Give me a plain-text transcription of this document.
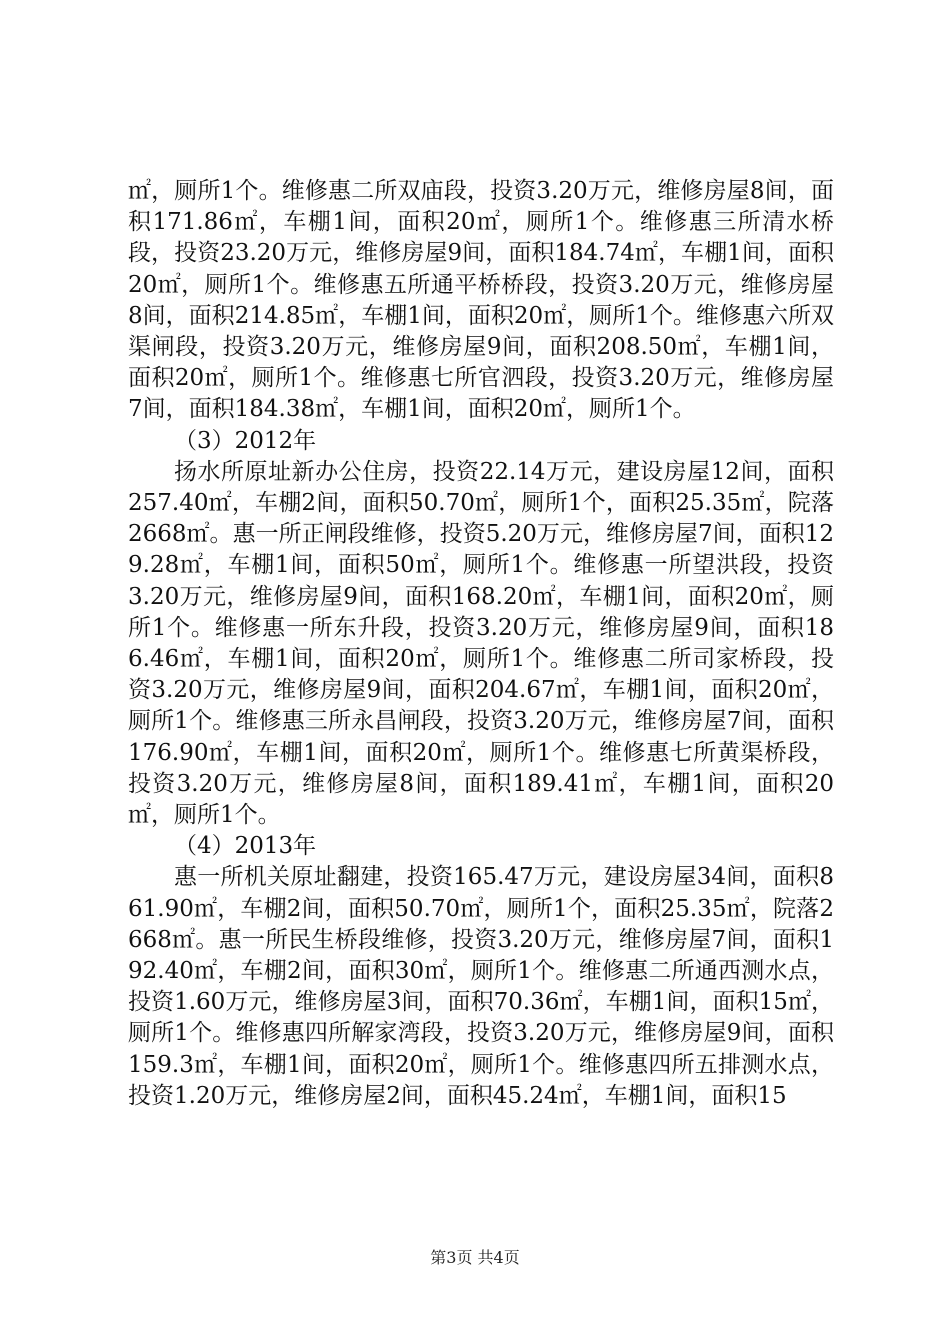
㎡，厕所1个。维修惠二所双庙段，投资3.20万元，维修房屋8间，面积171.86㎡，车棚1间，面积20㎡，厕所1个。维修惠三所清水桥段，投资23.20万元，维修房屋9间，面积184.74㎡，车棚1间，面积20㎡，厕所1个。维修惠五所通平桥桥段，投资3.20万元，维修房屋8间，面积214.85㎡，车棚1间，面积20㎡，厕所1个。维修惠六所双渠闸段，投资3.20万元，维修房屋9间，面积208.50㎡，车棚1间，面积20㎡，厕所1个。维修惠七所官泗段，投资3.20万元，维修房屋7间，面积184.38㎡，车棚1间，面积20㎡，厕所1个。

（3）2012年

扬水所原址新办公住房，投资22.14万元，建设房屋12间，面积257.40㎡，车棚2间，面积50.70㎡，厕所1个，面积25.35㎡，院落2668㎡。惠一所正闸段维修，投资5.20万元，维修房屋7间，面积129.28㎡，车棚1间，面积50㎡，厕所1个。维修惠一所望洪段，投资3.20万元，维修房屋9间，面积168.20㎡，车棚1间，面积20㎡，厕所1个。维修惠一所东升段，投资3.20万元，维修房屋9间，面积186.46㎡，车棚1间，面积20㎡，厕所1个。维修惠二所司家桥段，投资3.20万元，维修房屋9间，面积204.67㎡，车棚1间，面积20㎡，厕所1个。维修惠三所永昌闸段，投资3.20万元，维修房屋7间，面积176.90㎡，车棚1间，面积20㎡，厕所1个。维修惠七所黄渠桥段，投资3.20万元，维修房屋8间，面积189.41㎡，车棚1间，面积20㎡，厕所1个。

（4）2013年

惠一所机关原址翻建，投资165.47万元，建设房屋34间，面积861.90㎡，车棚2间，面积50.70㎡，厕所1个，面积25.35㎡，院落2668㎡。惠一所民生桥段维修，投资3.20万元，维修房屋7间，面积192.40㎡，车棚2间，面积30㎡，厕所1个。维修惠二所通西测水点，投资1.60万元，维修房屋3间，面积70.36㎡，车棚1间，面积15㎡，厕所1个。维修惠四所解家湾段，投资3.20万元，维修房屋9间，面积159.3㎡，车棚1间，面积20㎡，厕所1个。维修惠四所五排测水点，投资1.20万元，维修房屋2间，面积45.24㎡，车棚1间，面积15

第3页 共4页
